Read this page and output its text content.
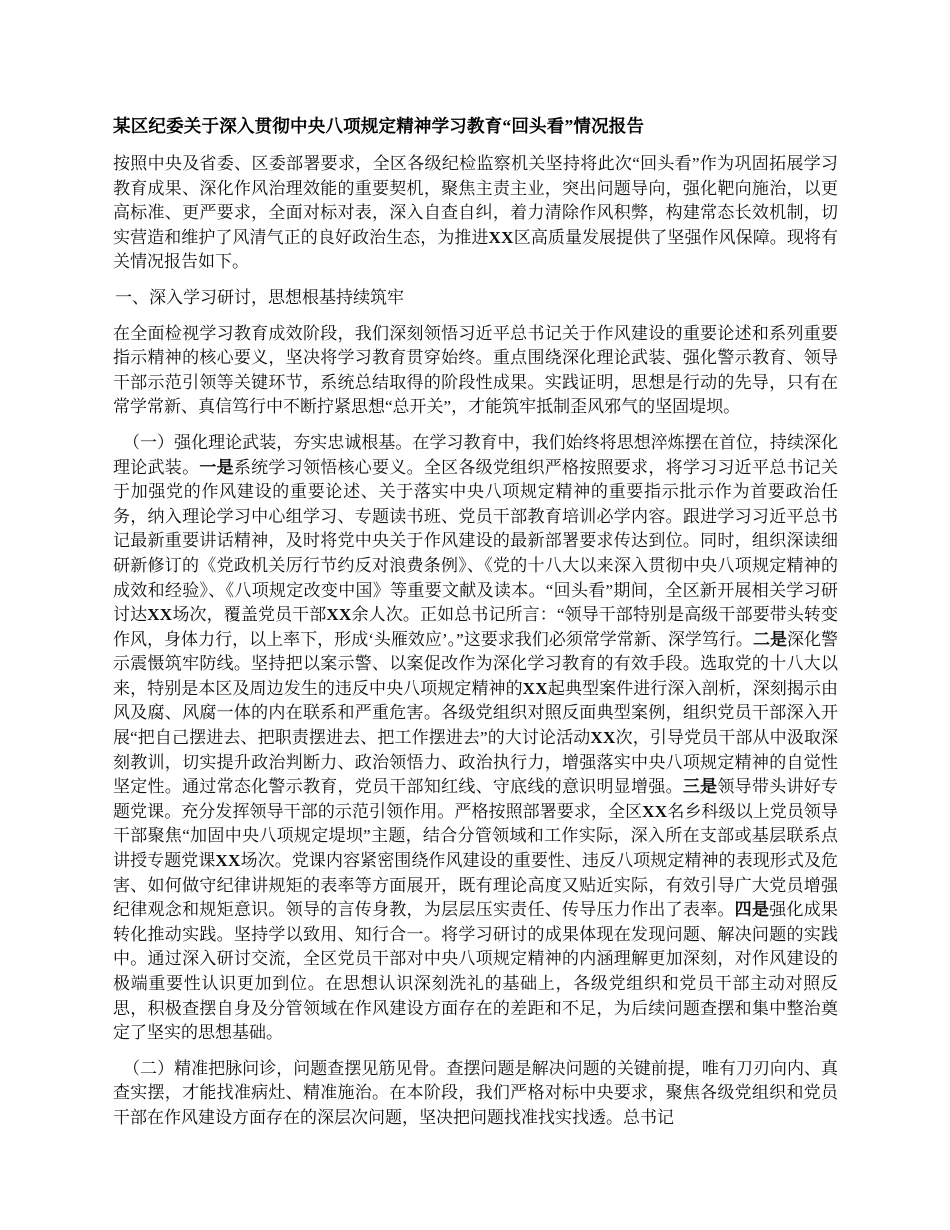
某区纪委关于深入贯彻中央八项规定精神学习教育“回头看”情况报告

按照中央及省委、区委部署要求，全区各级纪检监察机关坚持将此次“回头看”作为巩固拓展学习教育成果、深化作风治理效能的重要契机，聚焦主责主业，突出问题导向，强化靶向施治，以更高标准、更严要求，全面对标对表，深入自查自纠，着力清除作风积弊，构建常态长效机制，切实营造和维护了风清气正的良好政治生态，为推进XX区高质量发展提供了坚强作风保障。现将有关情况报告如下。

一、深入学习研讨，思想根基持续筑牢

在全面检视学习教育成效阶段，我们深刻领悟习近平总书记关于作风建设的重要论述和系列重要指示精神的核心要义，坚决将学习教育贯穿始终。重点围绕深化理论武装、强化警示教育、领导干部示范引领等关键环节，系统总结取得的阶段性成果。实践证明，思想是行动的先导，只有在常学常新、真信笃行中不断拧紧思想“总开关”，才能筑牢抵制歪风邪气的坚固堤坝。

（一）强化理论武装，夯实忠诚根基。在学习教育中，我们始终将思想淬炼摆在首位，持续深化理论武装。一是系统学习领悟核心要义。全区各级党组织严格按照要求，将学习习近平总书记关于加强党的作风建设的重要论述、关于落实中央八项规定精神的重要指示批示作为首要政治任务，纳入理论学习中心组学习、专题读书班、党员干部教育培训必学内容。跟进学习习近平总书记最新重要讲话精神，及时将党中央关于作风建设的最新部署要求传达到位。同时，组织深读细研新修订的《党政机关厉行节约反对浪费条例》、《党的十八大以来深入贯彻中央八项规定精神的成效和经验》、《八项规定改变中国》等重要文献及读本。“回头看”期间，全区新开展相关学习研讨达XX场次，覆盖党员干部XX余人次。正如总书记所言：“领导干部特别是高级干部要带头转变作风，身体力行，以上率下，形成‘头雁效应’。”这要求我们必须常学常新、深学笃行。二是深化警示震慑筑牢防线。坚持把以案示警、以案促改作为深化学习教育的有效手段。选取党的十八大以来，特别是本区及周边发生的违反中央八项规定精神的XX起典型案件进行深入剖析，深刻揭示由风及腐、风腐一体的内在联系和严重危害。各级党组织对照反面典型案例，组织党员干部深入开展“把自己摆进去、把职责摆进去、把工作摆进去”的大讨论活动XX次，引导党员干部从中汲取深刻教训，切实提升政治判断力、政治领悟力、政治执行力，增强落实中央八项规定精神的自觉性坚定性。通过常态化警示教育，党员干部知红线、守底线的意识明显增强。三是领导带头讲好专题党课。充分发挥领导干部的示范引领作用。严格按照部署要求，全区XX名乡科级以上党员领导干部聚焦“加固中央八项规定堤坝”主题，结合分管领域和工作实际，深入所在支部或基层联系点讲授专题党课XX场次。党课内容紧密围绕作风建设的重要性、违反八项规定精神的表现形式及危害、如何做守纪律讲规矩的表率等方面展开，既有理论高度又贴近实际，有效引导广大党员增强纪律观念和规矩意识。领导的言传身教，为层层压实责任、传导压力作出了表率。四是强化成果转化推动实践。坚持学以致用、知行合一。将学习研讨的成果体现在发现问题、解决问题的实践中。通过深入研讨交流，全区党员干部对中央八项规定精神的内涵理解更加深刻，对作风建设的极端重要性认识更加到位。在思想认识深刻洗礼的基础上，各级党组织和党员干部主动对照反思，积极查摆自身及分管领域在作风建设方面存在的差距和不足，为后续问题查摆和集中整治奠定了坚实的思想基础。

（二）精准把脉问诊，问题查摆见筋见骨。查摆问题是解决问题的关键前提，唯有刀刃向内、真查实摆，才能找准病灶、精准施治。在本阶段，我们严格对标中央要求，聚焦各级党组织和党员干部在作风建设方面存在的深层次问题，坚决把问题找准找实找透。总书记
